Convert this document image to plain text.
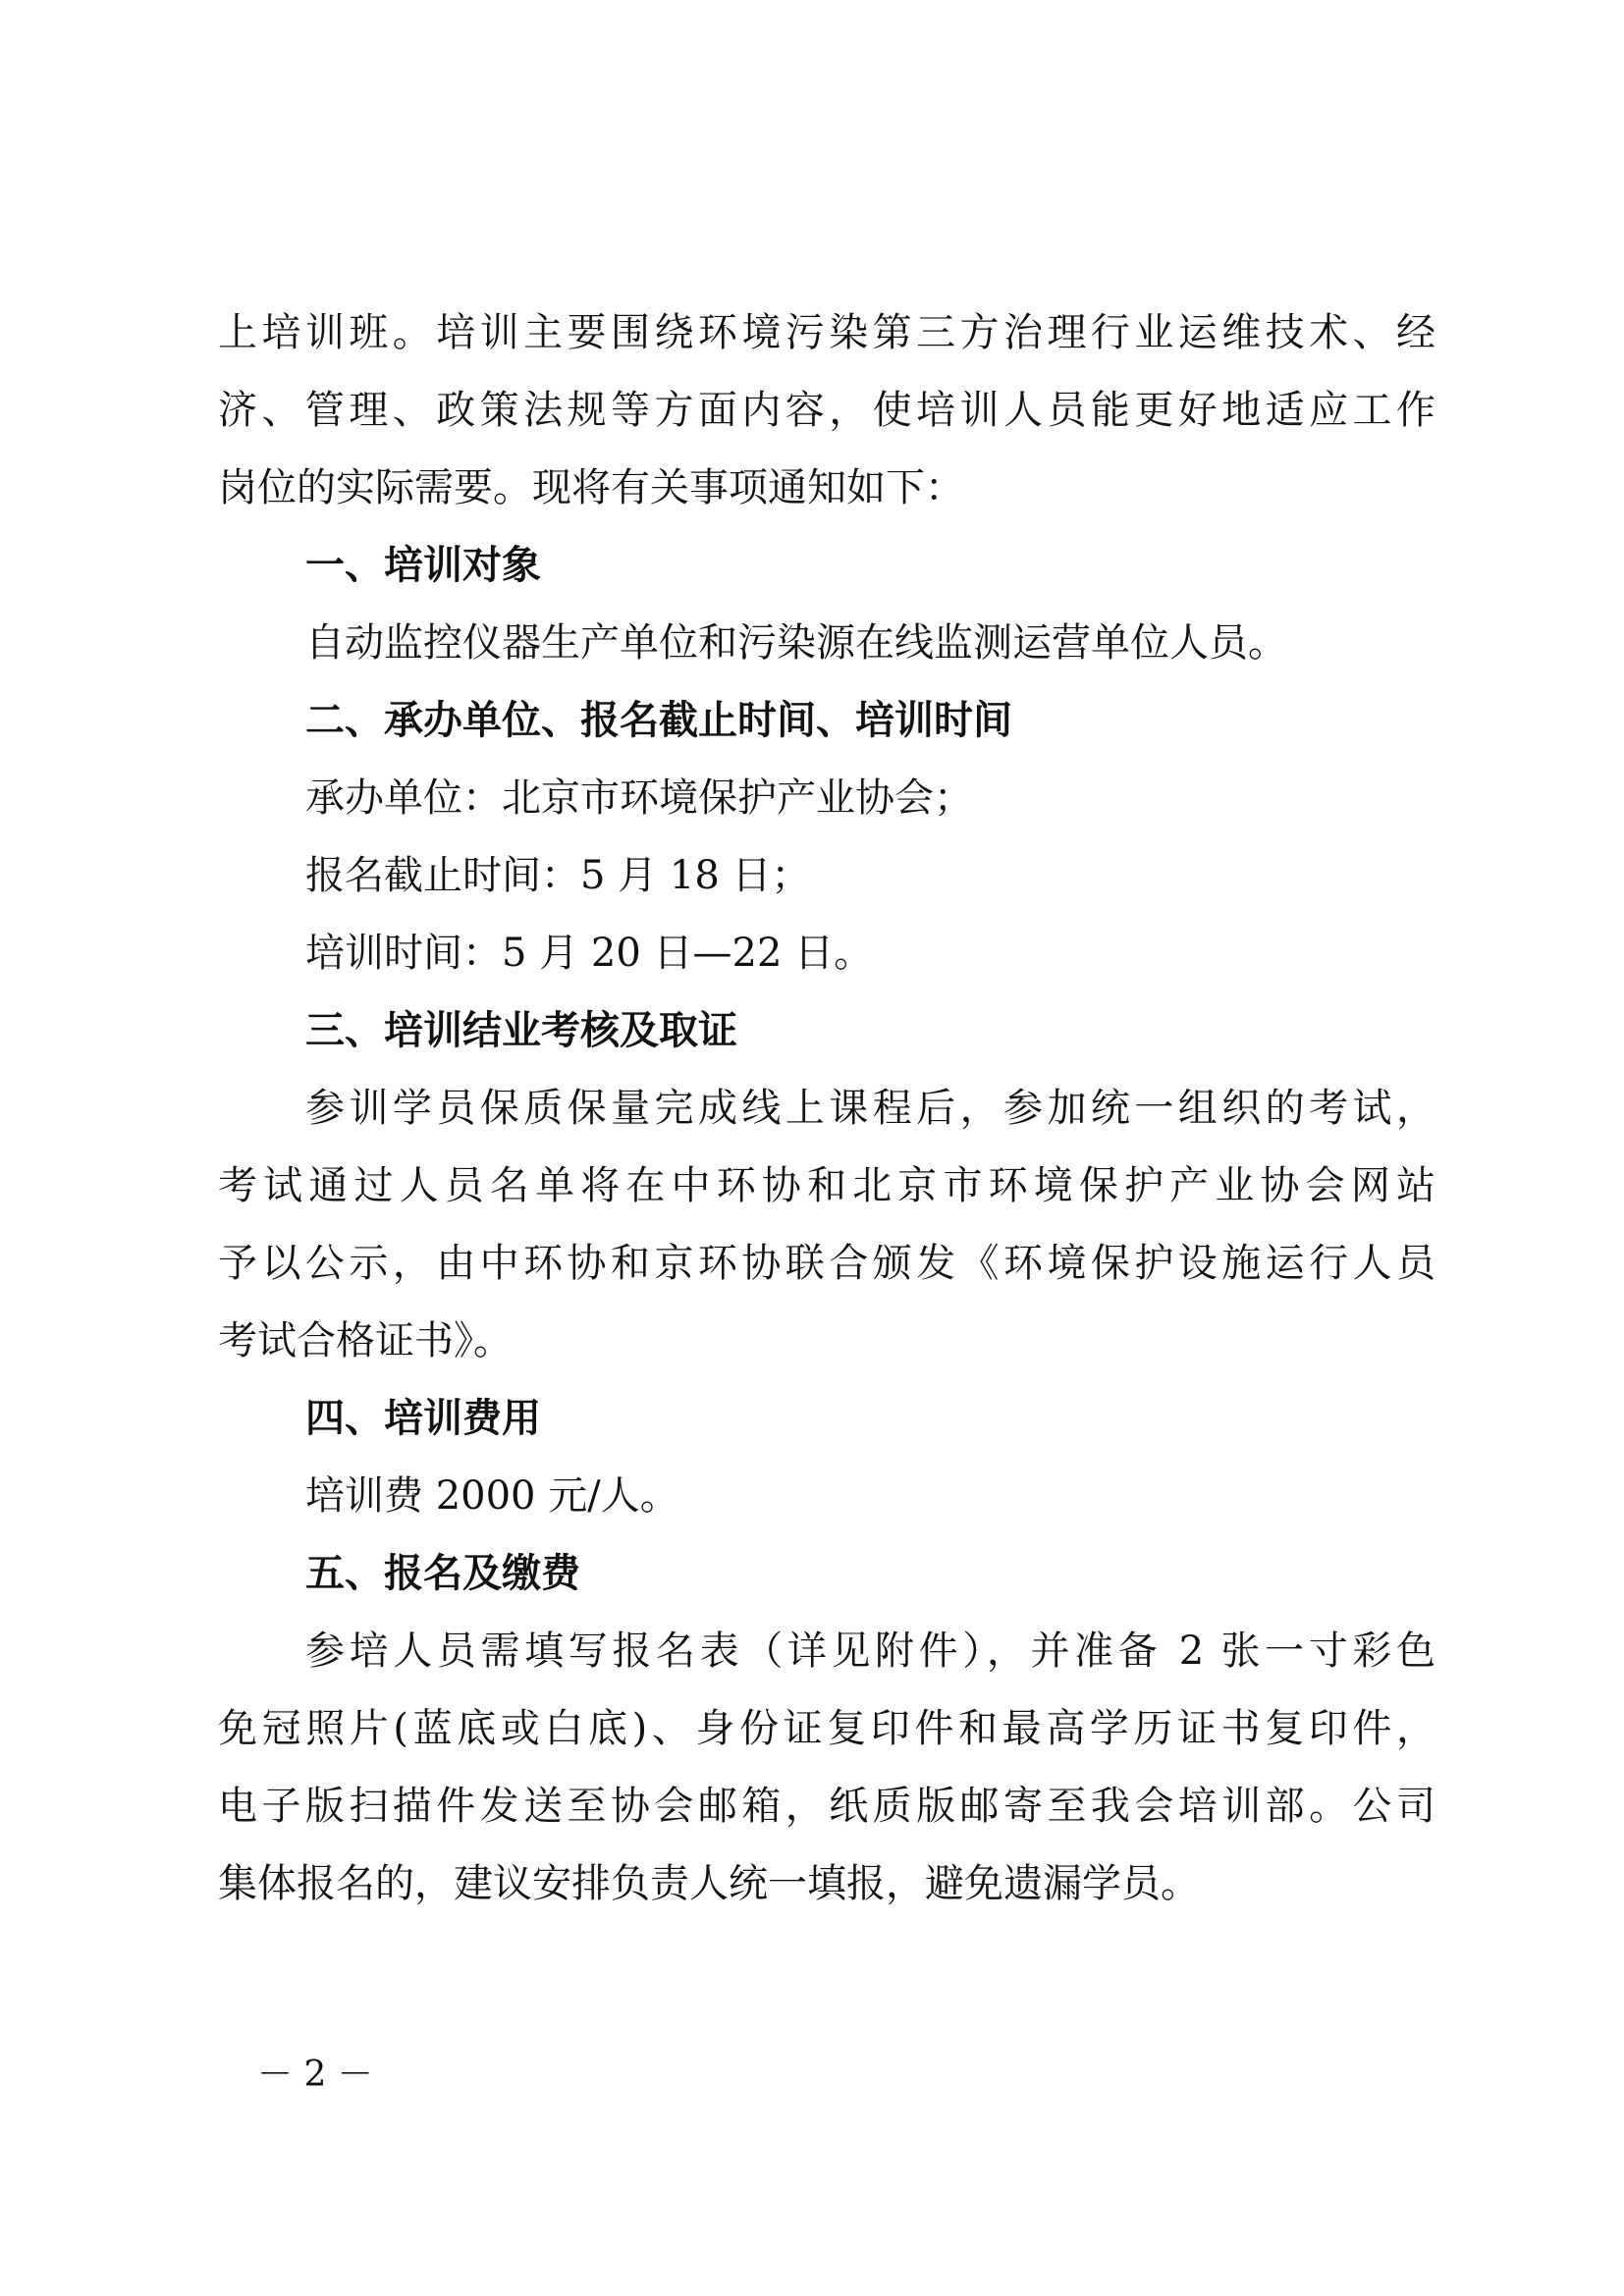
上培训班。培训主要围绕环境污染第三方治理行业运维技术、经
济、管理、政策法规等方面内容，使培训人员能更好地适应工作
岗位的实际需要。现将有关事项通知如下：
一、培训对象
自动监控仪器生产单位和污染源在线监测运营单位人员。
二、承办单位、报名截止时间、培训时间
承办单位：北京市环境保护产业协会；
报名截止时间：5 月 18 日；
培训时间：5 月 20 日—22 日。
三、培训结业考核及取证
参训学员保质保量完成线上课程后，参加统一组织的考试，
考试通过人员名单将在中环协和北京市环境保护产业协会网站
予以公示，由中环协和京环协联合颁发《环境保护设施运行人员
考试合格证书》。
四、培训费用
培训费 2000 元/人。
五、报名及缴费
参培人员需填写报名表（详见附件），并准备 2 张一寸彩色
免冠照片(蓝底或白底)、身份证复印件和最高学历证书复印件，
电子版扫描件发送至协会邮箱，纸质版邮寄至我会培训部。公司
集体报名的，建议安排负责人统一填报，避免遗漏学员。
－ 2 －
